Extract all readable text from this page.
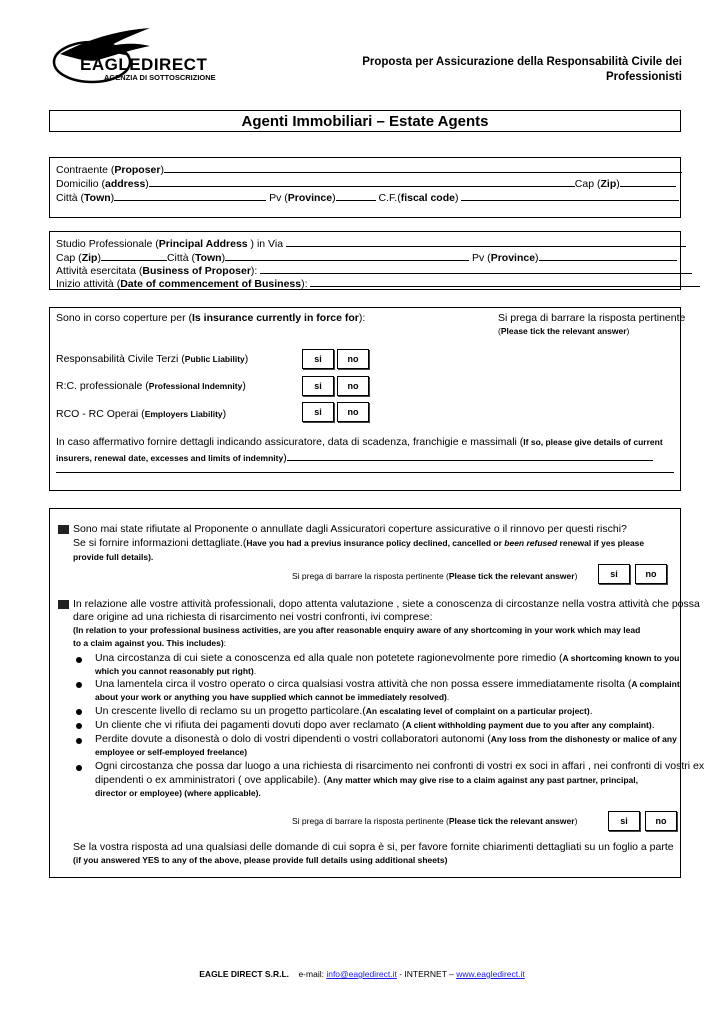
EAGLEDIRECT
AGENZIA DI SOTTOSCRIZIONE
Proposta per Assicurazione della Responsabilità Civile dei Professionisti
Agenti Immobiliari – Estate Agents
Contraente (Proposer)
Domicilio (address)	Cap (Zip)
Città (Town)	Pv (Province)	C.F.(fiscal code)
Studio Professionale (Principal Address ) in Via
Cap (Zip)	Città (Town)	Pv (Province)
Attività esercitata (Business of Proposer):
Inizio attività (Date of commencement of Business):
Sono in corso coperture per (Is insurance currently in force for):	Si prega di barrare la risposta pertinente
(Please tick the relevant answer)
Responsabilità Civile Terzi (Public Liability)	si	no
R:C. professionale (Professional Indemnity)	si	no
RCO - RC Operai (Employers Liability)	si	no
In caso affermativo fornire dettagli indicando assicuratore, data di scadenza, franchigie e massimali (If so, please give details of current
insurers, renewal date, excesses and limits of indemnity)
Sono mai state rifiutate al Proponente o annullate dagli Assicuratori coperture assicurative o il rinnovo per questi rischi?
Se si fornire informazioni dettagliate.(Have you had a previus insurance policy declined, cancelled or been refused renewal if yes please
provide full details).
Si prega di barrare la risposta pertinente (Please tick the relevant answer)	si	no
In relazione alle vostre attività professionali, dopo attenta valutazione , siete a conoscenza di circostanze nella vostra attività che possa
dare origine ad una richiesta di risarcimento nei vostri confronti, ivi comprese:
(In relation to your professional business activities, are you after reasonable enquiry aware of any shortcoming in your work which may lead
to a claim against you. This includes):
Una circostanza di cui siete a conoscenza ed alla quale non potetete ragionevolmente pore rimedio (A shortcoming known to you
which you cannot reasonably put right).
Una lamentela circa il vostro operato o circa qualsiasi vostra attività che non possa essere immediatamente risolta (A complaint
about your work or anything you have supplied which cannot be immediately resolved).
Un crescente livello di reclamo su un progetto particolare.(An escalating level of complaint on a particular project).
Un cliente che vi rifiuta dei pagamenti dovuti dopo aver reclamato (A client withholding payment due to you after any complaint).
Perdite dovute a disonestà o dolo di vostri dipendenti o vostri collaboratori autonomi (Any loss from the dishonesty or malice of any
employee or self-employed freelance)
Ogni circostanza che possa dar luogo a una richiesta di risarcimento nei confronti di vostri ex soci in affari , nei confronti di vostri ex
dipendenti o ex amministratori ( ove applicabile). (Any matter which may give rise to a claim against any past partner, principal,
director or employee) (where applicable).
Si prega di barrare la risposta pertinente (Please tick the relevant answer)	si	no
Se la vostra risposta ad una qualsiasi delle domande di cui sopra è si, per favore fornite chiarimenti dettagliati su un foglio a parte
(if you answered YES to any of the above, please provide full details using additional sheets)
EAGLE DIRECT S.R.L. e-mail: info@eagledirect.it - INTERNET – www.eagledirect.it
